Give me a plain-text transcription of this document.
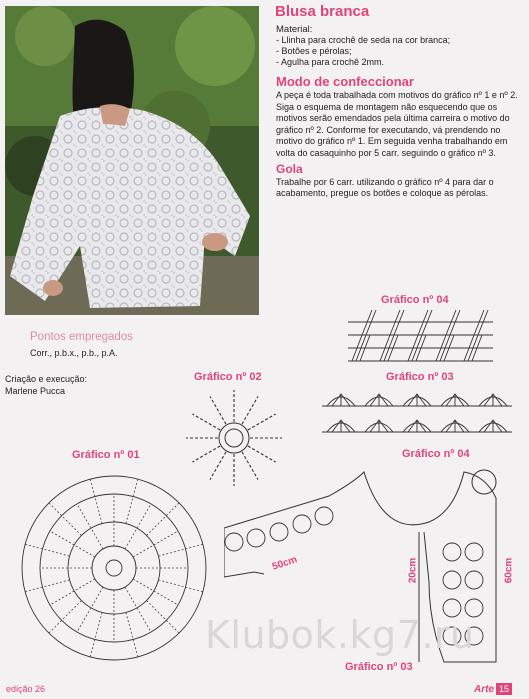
Blusa branca
Material:
- Llinha para crochê de seda na cor branca;
- Botões e pérolas;
- Agulha para crochê 2mm.
Modo de confeccionar

A peça é toda trabalhada com motivos do gráfico nº 1 e nº 2. Siga o esquema de montagem não esquecendo que os motivos serão emendados pela última carreira o motivo do gráfico nº 2. Conforme for executando, vá prendendo no motivo do gráfico nº 1. Em seguida venha trabalhando em volta do casaquinho por 5 carr. seguindo o gráfico nº 3.

Gola

Trabalhe por 6 carr. utilizando o gráfico nº 4 para dar o acabamento, pregue os botões e coloque as pérolas.

Pontos empregados
Corr., p.b.x., p.b., p.A.
Criação e execução:
Marlene Pucca
Gráfico nº 04
Gráfico nº 02	Gráfico nº 03
Gráfico nº 01	Gráfico nº 04
Gráfico nº 03
50cm	20cm	60cm
Klubok.kg7.ru
edição 26	Arte 15
